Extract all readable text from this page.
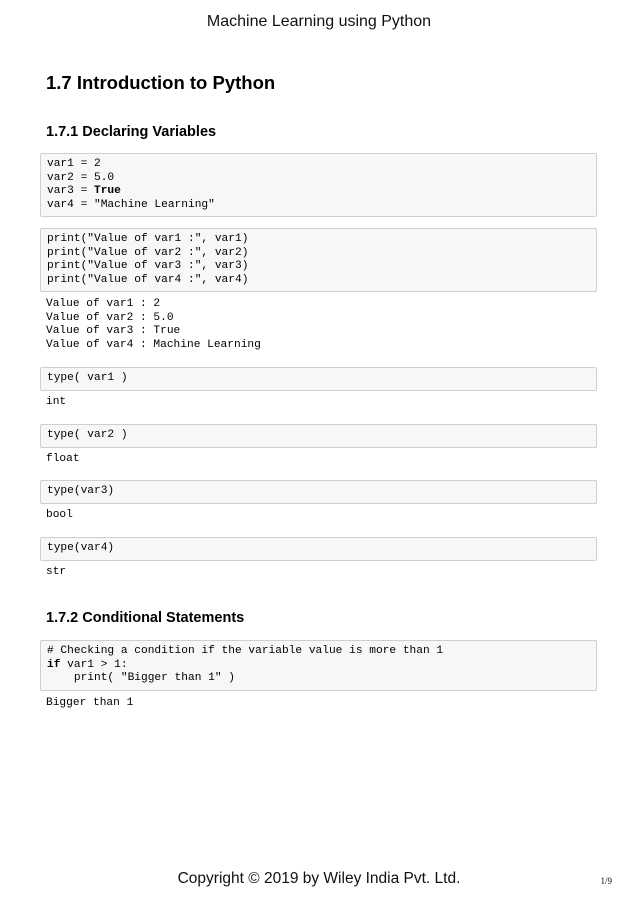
Machine Learning using Python
1.7 Introduction to Python
1.7.1 Declaring Variables
var1 = 2
var2 = 5.0
var3 = True
var4 = "Machine Learning"
print("Value of var1 :", var1)
print("Value of var2 :", var2)
print("Value of var3 :", var3)
print("Value of var4 :", var4)
Value of var1 : 2
Value of var2 : 5.0
Value of var3 : True
Value of var4 : Machine Learning
type( var1 )
int
type( var2 )
float
type(var3)
bool
type(var4)
str
1.7.2 Conditional Statements
# Checking a condition if the variable value is more than 1
if var1 > 1:
print( "Bigger than 1" )
Bigger than 1
Copyright © 2019 by Wiley India Pvt. Ltd.	1/9
